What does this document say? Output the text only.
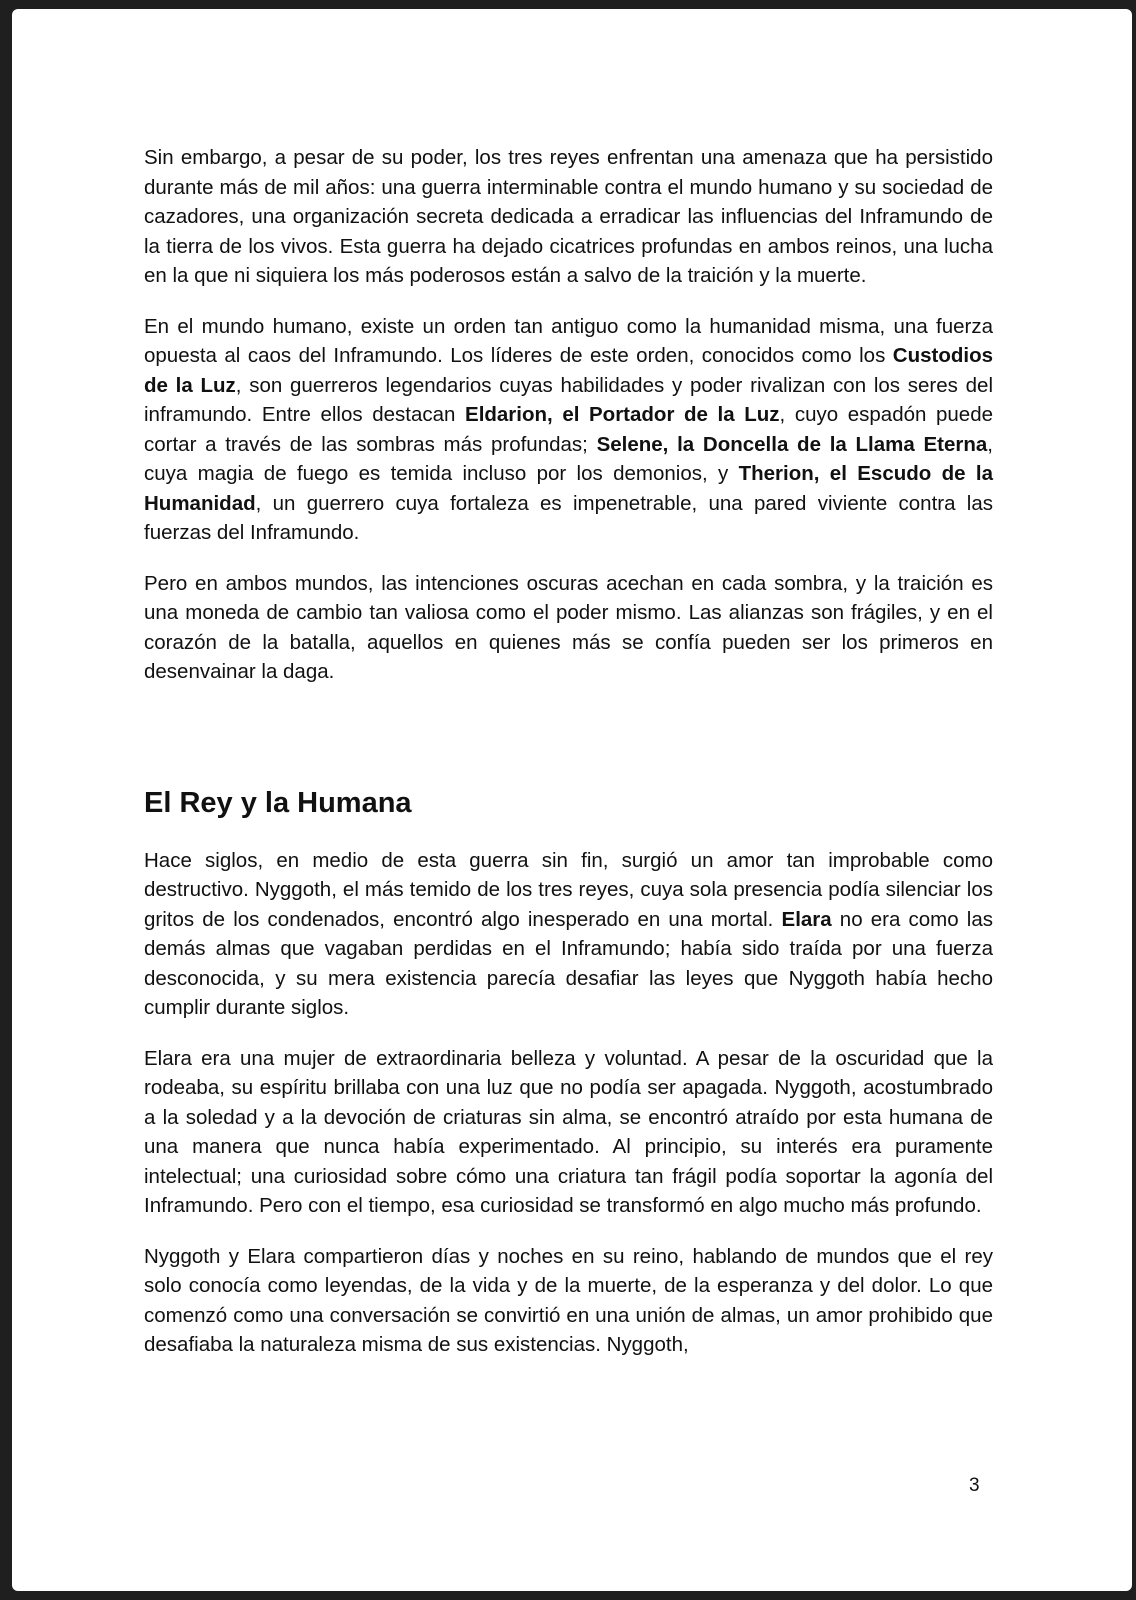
Sin embargo, a pesar de su poder, los tres reyes enfrentan una amenaza que ha persistido durante más de mil años: una guerra interminable contra el mundo humano y su sociedad de cazadores, una organización secreta dedicada a erradicar las influencias del Inframundo de la tierra de los vivos. Esta guerra ha dejado cicatrices profundas en ambos reinos, una lucha en la que ni siquiera los más poderosos están a salvo de la traición y la muerte.

En el mundo humano, existe un orden tan antiguo como la humanidad misma, una fuerza opuesta al caos del Inframundo. Los líderes de este orden, conocidos como los Custodios de la Luz, son guerreros legendarios cuyas habilidades y poder rivalizan con los seres del inframundo. Entre ellos destacan Eldarion, el Portador de la Luz, cuyo espadón puede cortar a través de las sombras más profundas; Selene, la Doncella de la Llama Eterna, cuya magia de fuego es temida incluso por los demonios, y Therion, el Escudo de la Humanidad, un guerrero cuya fortaleza es impenetrable, una pared viviente contra las fuerzas del Inframundo.

Pero en ambos mundos, las intenciones oscuras acechan en cada sombra, y la traición es una moneda de cambio tan valiosa como el poder mismo. Las alianzas son frágiles, y en el corazón de la batalla, aquellos en quienes más se confía pueden ser los primeros en desenvainar la daga.

El Rey y la Humana

Hace siglos, en medio de esta guerra sin fin, surgió un amor tan improbable como destructivo. Nyggoth, el más temido de los tres reyes, cuya sola presencia podía silenciar los gritos de los condenados, encontró algo inesperado en una mortal. Elara no era como las demás almas que vagaban perdidas en el Inframundo; había sido traída por una fuerza desconocida, y su mera existencia parecía desafiar las leyes que Nyggoth había hecho cumplir durante siglos.

Elara era una mujer de extraordinaria belleza y voluntad. A pesar de la oscuridad que la rodeaba, su espíritu brillaba con una luz que no podía ser apagada. Nyggoth, acostumbrado a la soledad y a la devoción de criaturas sin alma, se encontró atraído por esta humana de una manera que nunca había experimentado. Al principio, su interés era puramente intelectual; una curiosidad sobre cómo una criatura tan frágil podía soportar la agonía del Inframundo. Pero con el tiempo, esa curiosidad se transformó en algo mucho más profundo.

Nyggoth y Elara compartieron días y noches en su reino, hablando de mundos que el rey solo conocía como leyendas, de la vida y de la muerte, de la esperanza y del dolor. Lo que comenzó como una conversación se convirtió en una unión de almas, un amor prohibido que desafiaba la naturaleza misma de sus existencias. Nyggoth,

3
